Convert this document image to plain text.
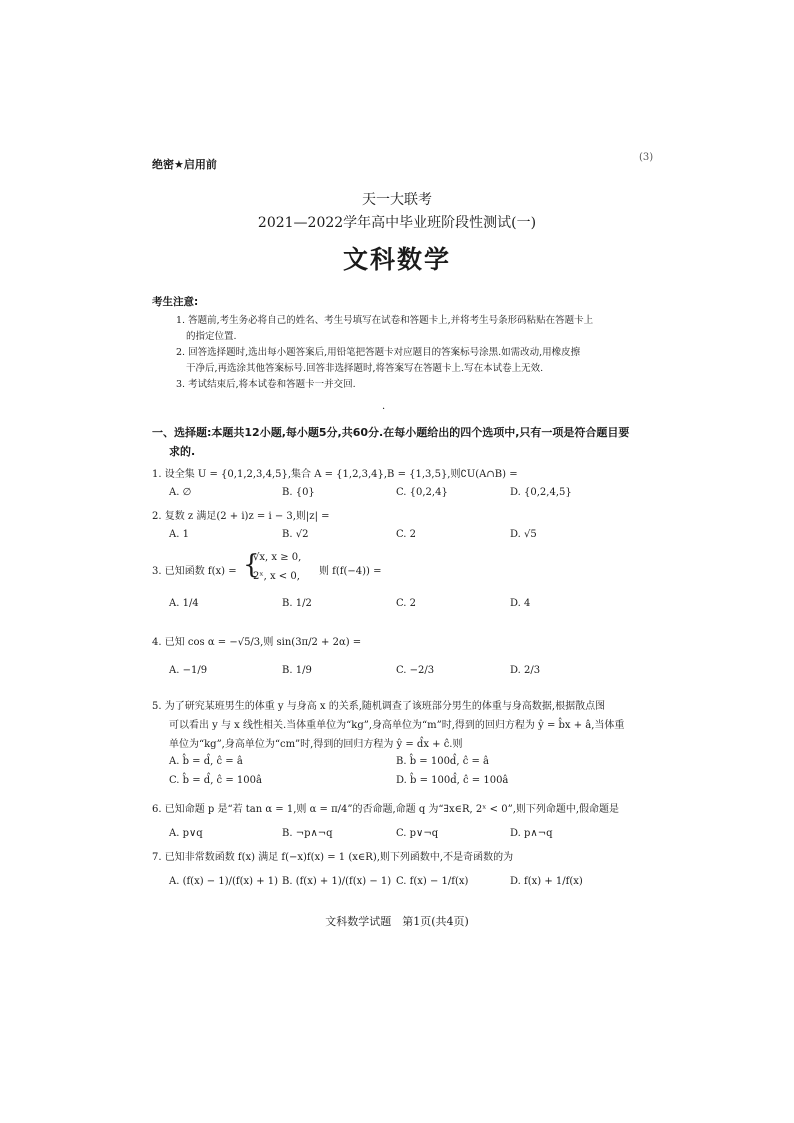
绝密★启用前
(3)
天一大联考
2021—2022学年高中毕业班阶段性测试(一)
文科数学
考生注意:
1. 答题前,考生务必将自己的姓名、考生号填写在试卷和答题卡上,并将考生号条形码粘贴在答题卡上
的指定位置.
2. 回答选择题时,选出每小题答案后,用铅笔把答题卡对应题目的答案标号涂黑.如需改动,用橡皮擦
干净后,再选涂其他答案标号.回答非选择题时,将答案写在答题卡上.写在本试卷上无效.
3. 考试结束后,将本试卷和答题卡一并交回.
·
一、选择题:本题共12小题,每小题5分,共60分.在每小题给出的四个选项中,只有一项是符合题目要
求的.
1. 设全集 U = {0,1,2,3,4,5},集合 A = {1,2,3,4},B = {1,3,5},则∁U(A∩B) =
A. ∅	B. {0}	C. {0,2,4}	D. {0,2,4,5}
2. 复数 z 满足(2 + i)z = i − 3,则|z| =
A. 1	B. √2	C. 2	D. √5
3. 已知函数 f(x) = {
√x, x ≥ 0,
2ˣ, x < 0, 则 f(f(−4)) =
A. 1/4	B. 1/2	C. 2	D. 4
4. 已知 cos α = −√5/3,则 sin(3π/2 + 2α) =
A. −1/9	B. 1/9	C. −2/3	D. 2/3
5. 为了研究某班男生的体重 y 与身高 x 的关系,随机调查了该班部分男生的体重与身高数据,根据散点图
可以看出 y 与 x 线性相关.当体重单位为“kg”,身高单位为“m”时,得到的回归方程为 ŷ = b̂x + â,当体重
单位为“kg”,身高单位为“cm”时,得到的回归方程为 ŷ = d̂x + ĉ.则
A. b̂ = d̂, ĉ = â	B. b̂ = 100d̂, ĉ = â
C. b̂ = d̂, ĉ = 100â	D. b̂ = 100d̂, ĉ = 100â
6. 已知命题 p 是“若 tan α = 1,则 α = π/4”的否命题,命题 q 为“∃x∈R, 2ˣ < 0”,则下列命题中,假命题是
A. p∨q	B. ¬p∧¬q	C. p∨¬q	D. p∧¬q
7. 已知非常数函数 f(x) 满足 f(−x)f(x) = 1 (x∈R),则下列函数中,不是奇函数的为
A. (f(x) − 1)/(f(x) + 1) B. (f(x) + 1)/(f(x) − 1) C. f(x) − 1/f(x)	D. f(x) + 1/f(x)
文科数学试题　第1页(共4页)
